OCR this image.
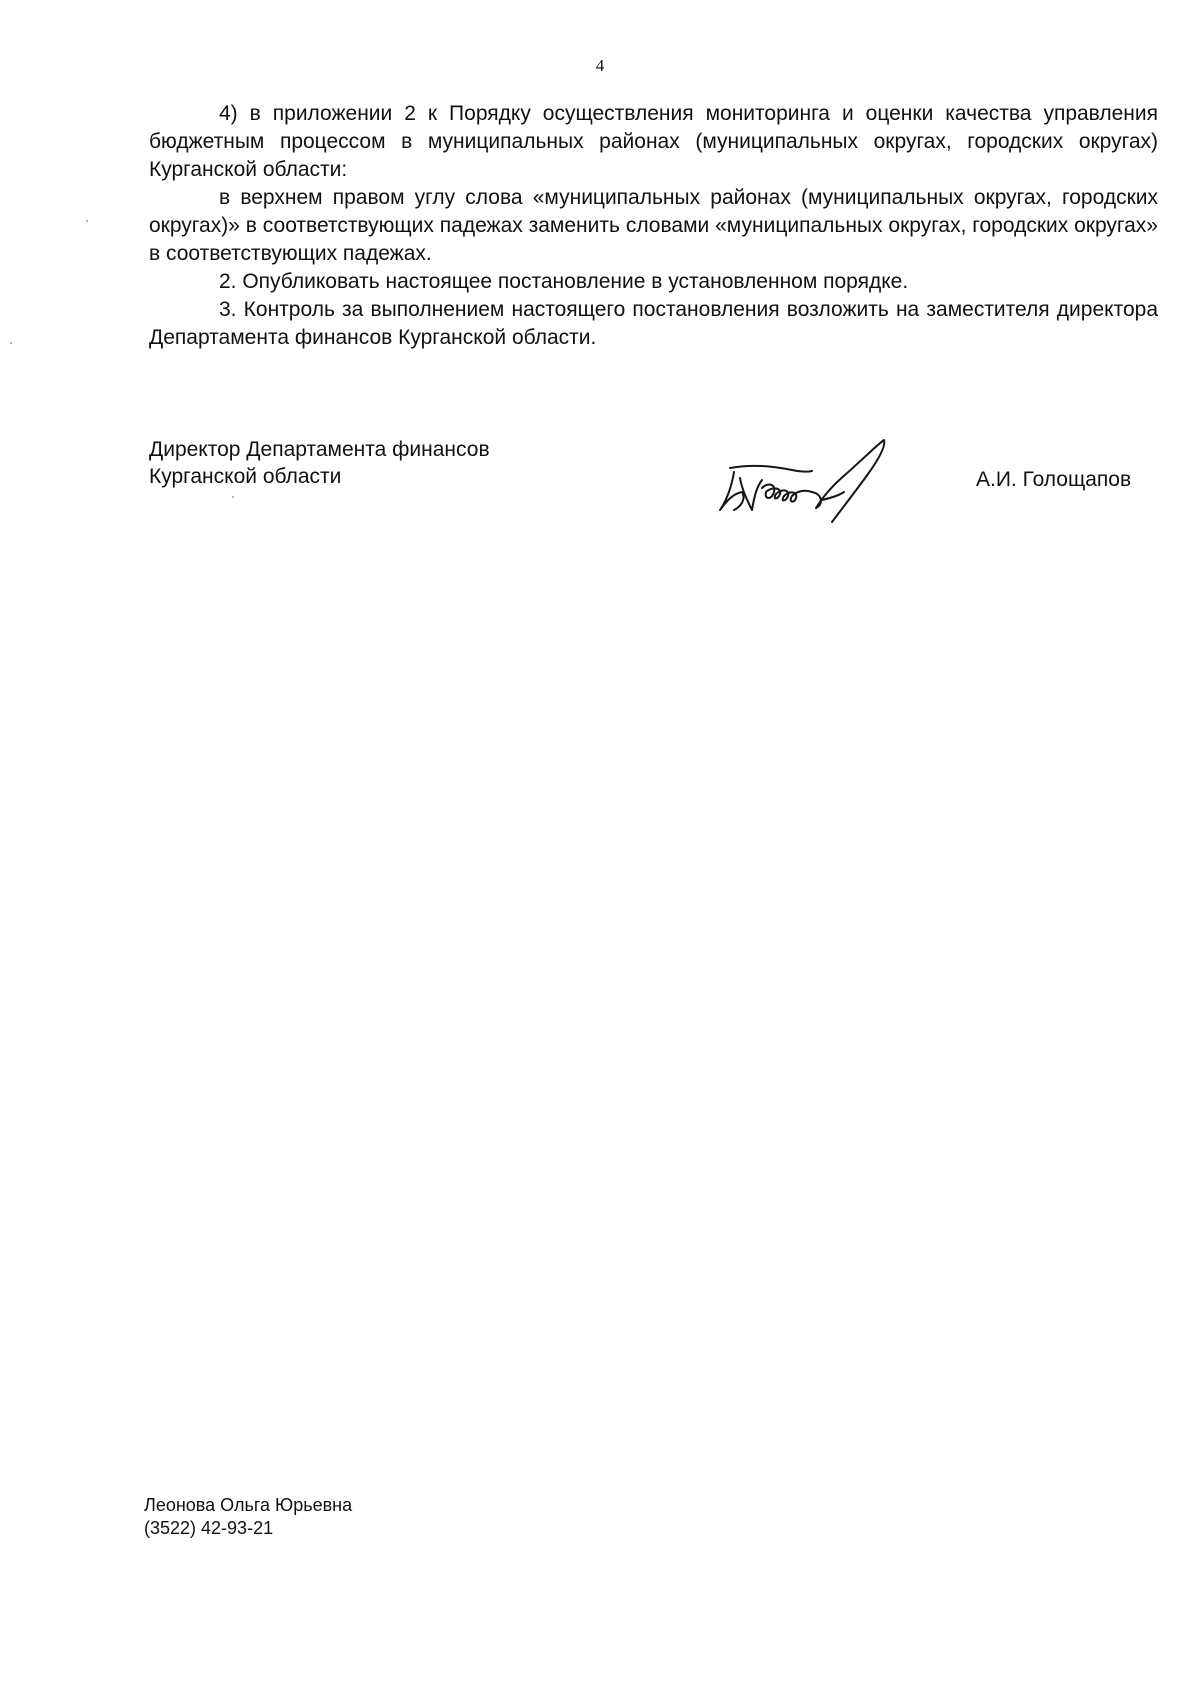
4

4) в приложении 2 к Порядку осуществления мониторинга и оценки качества управления бюджетным процессом в муниципальных районах (муниципальных округах, городских округах) Курганской области:

в верхнем правом углу слова «муниципальных районах (муниципальных округах, городских округах)» в соответствующих падежах заменить словами «муниципальных округах, городских округах» в соответствующих падежах.

2. Опубликовать настоящее постановление в установленном порядке.

3. Контроль за выполнением настоящего постановления возложить на заместителя директора Департамента финансов Курганской области.

Директор Департамента финансов
Курганской области	А.И. Голощапов
Леонова Ольга Юрьевна
(3522) 42-93-21
